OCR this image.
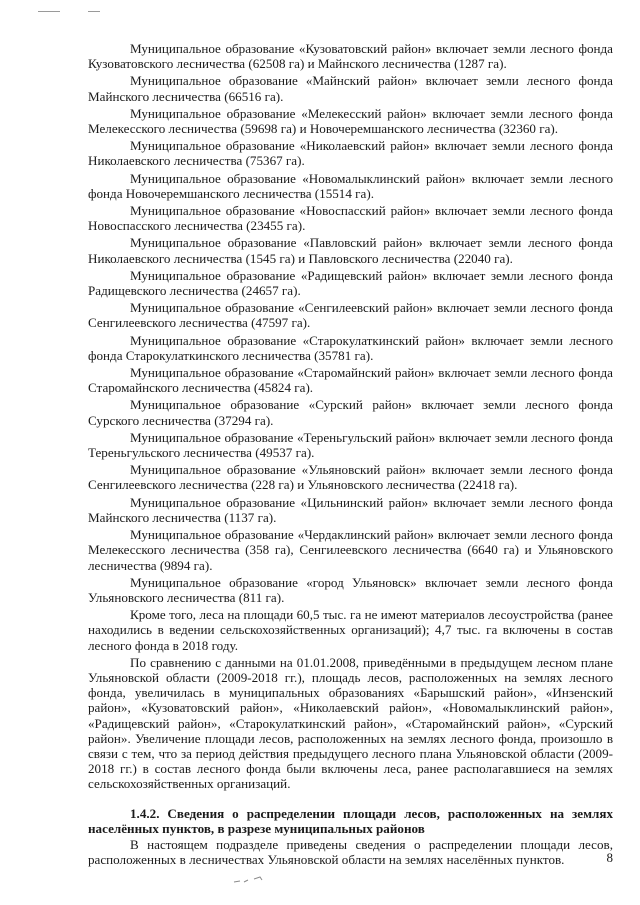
Муниципальное образование «Кузоватовский район» включает земли лесного фонда Кузоватовского лесничества (62508 га) и Майнского лесничества (1287 га).

Муниципальное образование «Майнский район» включает земли лесного фонда Майнского лесничества (66516 га).

Муниципальное образование «Мелекесский район» включает земли лесного фонда Мелекесского лесничества (59698 га) и Новочеремшанского лесничества (32360 га).

Муниципальное образование «Николаевский район» включает земли лесного фонда Николаевского лесничества (75367 га).

Муниципальное образование «Новомалыклинский район» включает земли лесного фонда Новочеремшанского лесничества (15514 га).

Муниципальное образование «Новоспасский район» включает земли лесного фонда Новоспасского лесничества (23455 га).

Муниципальное образование «Павловский район» включает земли лесного фонда Николаевского лесничества (1545 га) и Павловского лесничества (22040 га).

Муниципальное образование «Радищевский район» включает земли лесного фонда Радищевского лесничества (24657 га).

Муниципальное образование «Сенгилеевский район» включает земли лесного фонда Сенгилеевского лесничества (47597 га).

Муниципальное образование «Старокулаткинский район» включает земли лесного фонда Старокулаткинского лесничества (35781 га).

Муниципальное образование «Старомайнский район» включает земли лесного фонда Старомайнского лесничества (45824 га).

Муниципальное образование «Сурский район» включает земли лесного фонда Сурского лесничества (37294 га).

Муниципальное образование «Тереньгульский район» включает земли лесного фонда Тереньгульского лесничества (49537 га).

Муниципальное образование «Ульяновский район» включает земли лесного фонда Сенгилеевского лесничества (228 га) и Ульяновского лесничества (22418 га).

Муниципальное образование «Цильнинский район» включает земли лесного фонда Майнского лесничества (1137 га).

Муниципальное образование «Чердаклинский район» включает земли лесного фонда Мелекесского лесничества (358 га), Сенгилеевского лесничества (6640 га) и Ульяновского лесничества (9894 га).

Муниципальное образование «город Ульяновск» включает земли лесного фонда Ульяновского лесничества (811 га).

Кроме того, леса на площади 60,5 тыс. га не имеют материалов лесоустройства (ранее находились в ведении сельскохозяйственных организаций); 4,7 тыс. га включены в состав лесного фонда в 2018 году.

По сравнению с данными на 01.01.2008, приведёнными в предыдущем лесном плане Ульяновской области (2009-2018 гг.), площадь лесов, расположенных на землях лесного фонда, увеличилась в муниципальных образованиях «Барышский район», «Инзенский район», «Кузоватовский район», «Николаевский район», «Новомалыклинский район», «Радищевский район», «Старокулаткинский район», «Старомайнский район», «Сурский район». Увеличение площади лесов, расположенных на землях лесного фонда, произошло в связи с тем, что за период действия предыдущего лесного плана Ульяновской области (2009-2018 гг.) в состав лесного фонда были включены леса, ранее располагавшиеся на землях сельскохозяйственных организаций.

1.4.2. Сведения о распределении площади лесов, расположенных на землях населённых пунктов, в разрезе муниципальных районов

В настоящем подразделе приведены сведения о распределении площади лесов, расположенных в лесничествах Ульяновской области на землях населённых пунктов.	8
